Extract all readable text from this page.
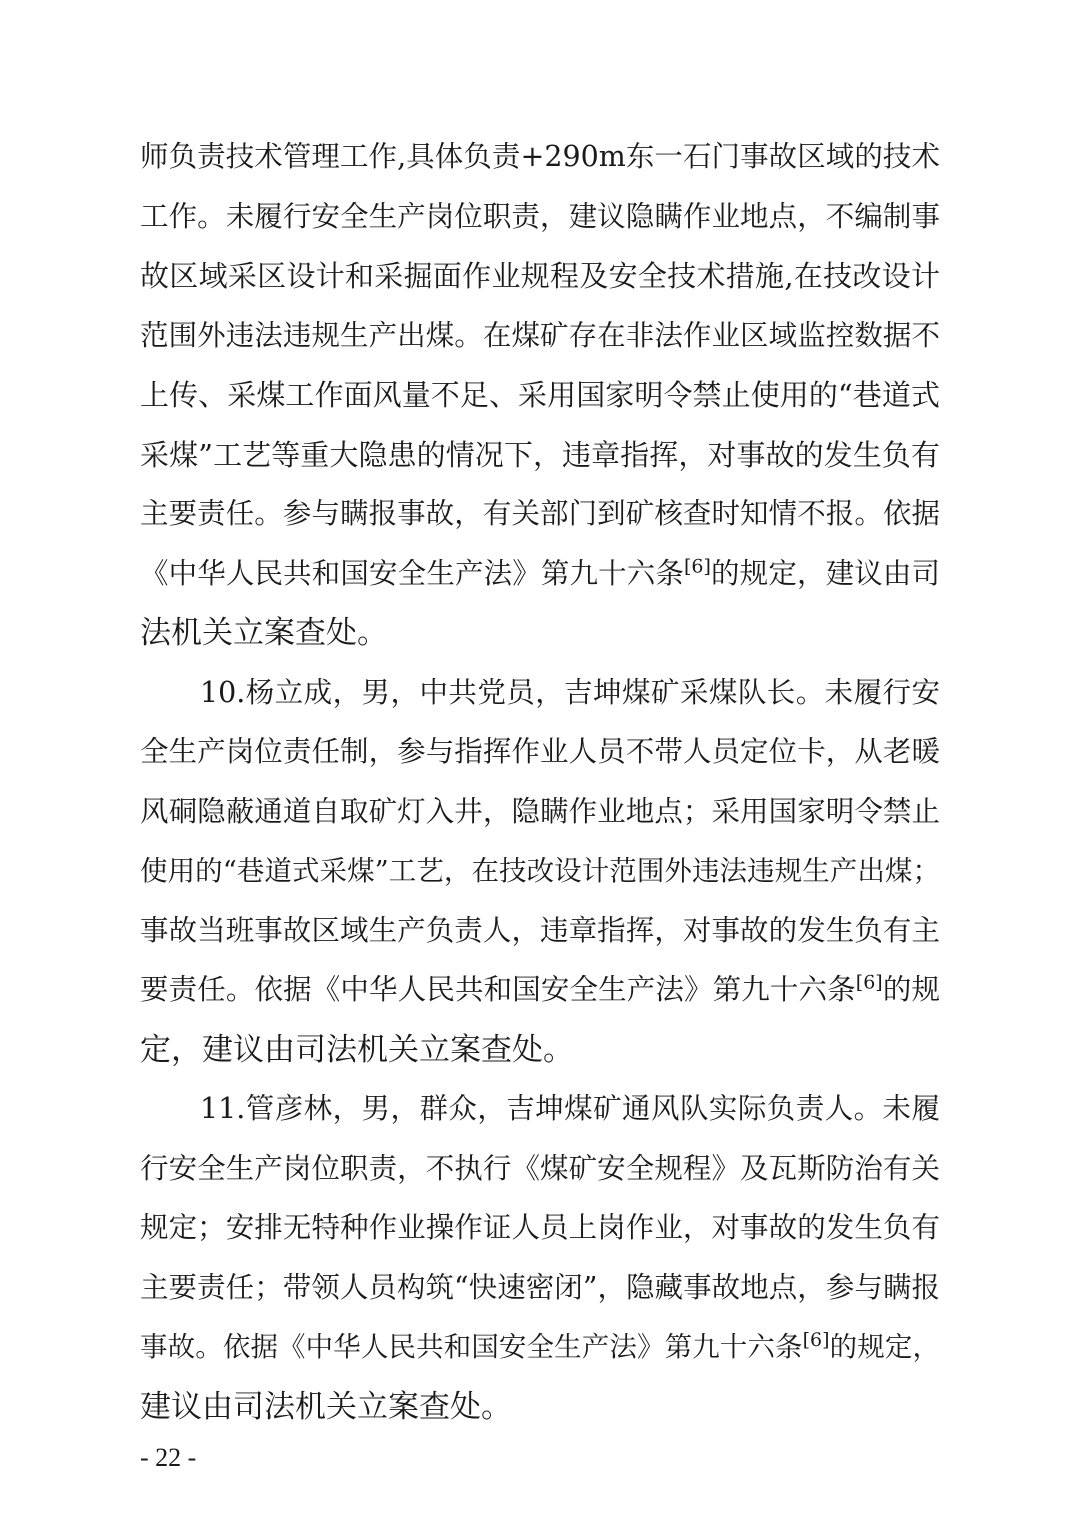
师负责技术管理工作,具体负责+290m东一石门事故区域的技术
工作。未履行安全生产岗位职责，建议隐瞒作业地点，不编制事
故区域采区设计和采掘面作业规程及安全技术措施,在技改设计
范围外违法违规生产出煤。在煤矿存在非法作业区域监控数据不
上传、采煤工作面风量不足、采用国家明令禁止使用的“巷道式
采煤”工艺等重大隐患的情况下，违章指挥，对事故的发生负有
主要责任。参与瞒报事故，有关部门到矿核查时知情不报。依据
《中华人民共和国安全生产法》第九十六条[6]的规定，建议由司
法机关立案查处。
10.杨立成，男，中共党员，吉坤煤矿采煤队长。未履行安
全生产岗位责任制，参与指挥作业人员不带人员定位卡，从老暖
风硐隐蔽通道自取矿灯入井，隐瞒作业地点；采用国家明令禁止
使用的“巷道式采煤”工艺，在技改设计范围外违法违规生产出煤；
事故当班事故区域生产负责人，违章指挥，对事故的发生负有主
要责任。依据《中华人民共和国安全生产法》第九十六条[6]的规
定，建议由司法机关立案查处。
11.管彦林，男，群众，吉坤煤矿通风队实际负责人。未履
行安全生产岗位职责，不执行《煤矿安全规程》及瓦斯防治有关
规定；安排无特种作业操作证人员上岗作业，对事故的发生负有
主要责任；带领人员构筑“快速密闭”，隐藏事故地点，参与瞒报
事故。依据《中华人民共和国安全生产法》第九十六条[6]的规定，
建议由司法机关立案查处。
- 22 -
